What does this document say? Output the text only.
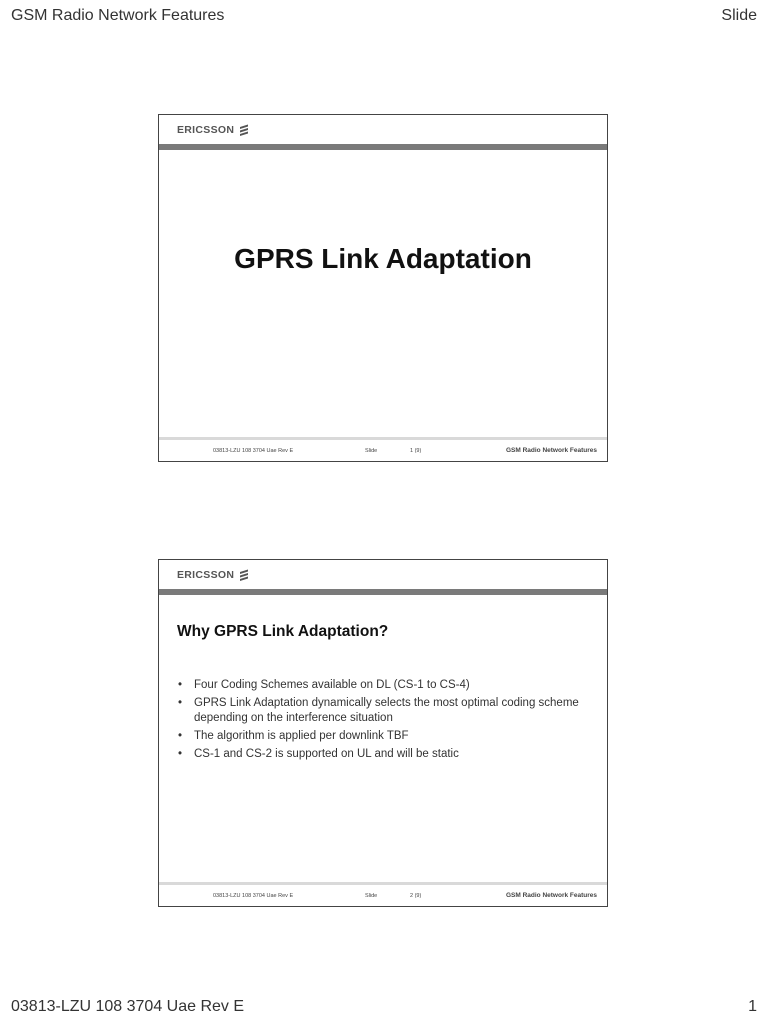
GSM Radio Network Features	Slide
ERICSSON
GPRS Link Adaptation
03813-LZU 108 3704 Uae Rev E	Slide	1 (9)	GSM Radio Network Features
ERICSSON
Why GPRS Link Adaptation?
• Four Coding Schemes available on DL (CS-1 to CS-4)
• GPRS Link Adaptation dynamically selects the most optimal coding scheme depending on the interference situation
• The algorithm is applied per downlink TBF
• CS-1 and CS-2 is supported on UL and will be static
03813-LZU 108 3704 Uae Rev E	Slide	2 (9)	GSM Radio Network Features
03813-LZU 108 3704 Uae Rev E	1
